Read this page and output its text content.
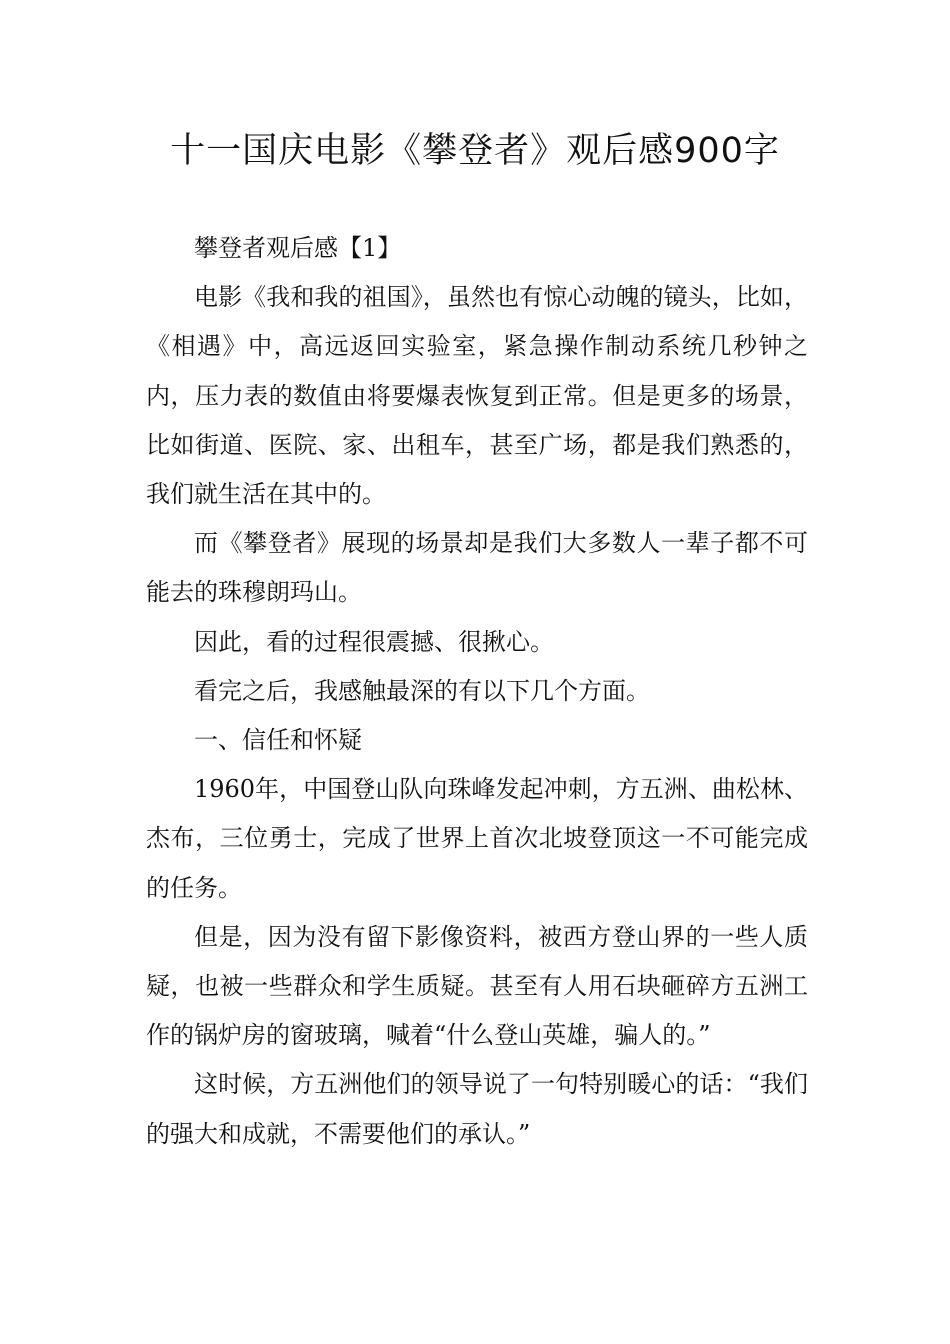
十一国庆电影《攀登者》观后感900字

攀登者观后感【1】

电影《我和我的祖国》，虽然也有惊心动魄的镜头，比如，《相遇》中，高远返回实验室，紧急操作制动系统几秒钟之内，压力表的数值由将要爆表恢复到正常。但是更多的场景，比如街道、医院、家、出租车，甚至广场，都是我们熟悉的，我们就生活在其中的。

而《攀登者》展现的场景却是我们大多数人一辈子都不可能去的珠穆朗玛山。

因此，看的过程很震撼、很揪心。

看完之后，我感触最深的有以下几个方面。

一、信任和怀疑

1960年，中国登山队向珠峰发起冲刺，方五洲、曲松林、杰布，三位勇士，完成了世界上首次北坡登顶这一不可能完成的任务。

但是，因为没有留下影像资料，被西方登山界的一些人质疑，也被一些群众和学生质疑。甚至有人用石块砸碎方五洲工作的锅炉房的窗玻璃，喊着“什么登山英雄，骗人的。”

这时候，方五洲他们的领导说了一句特别暖心的话：“我们的强大和成就，不需要他们的承认。”
